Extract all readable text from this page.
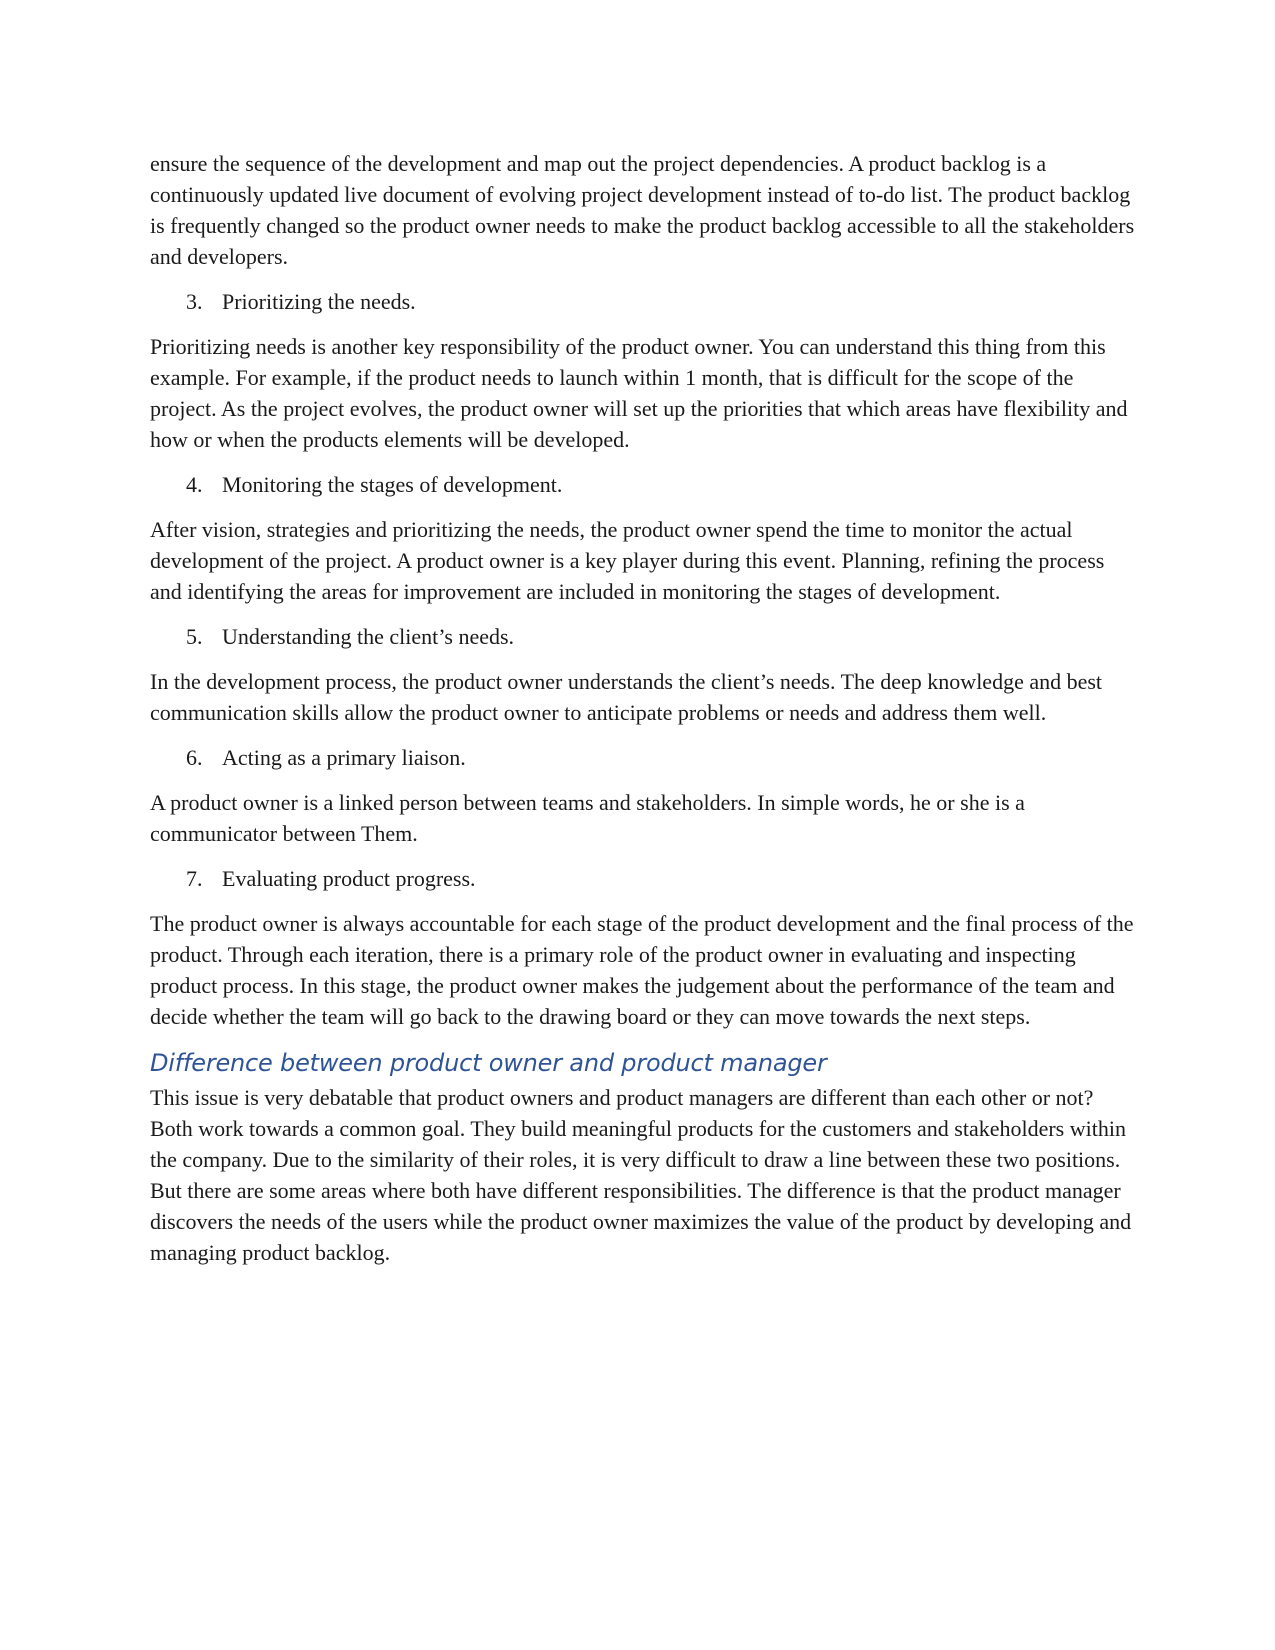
ensure the sequence of the development and map out the project dependencies. A product backlog is a continuously updated live document of evolving project development instead of to-do list. The product backlog is frequently changed so the product owner needs to make the product backlog accessible to all the stakeholders and developers.

3. Prioritizing the needs.

Prioritizing needs is another key responsibility of the product owner. You can understand this thing from this example. For example, if the product needs to launch within 1 month, that is difficult for the scope of the project. As the project evolves, the product owner will set up the priorities that which areas have flexibility and how or when the products elements will be developed.

4. Monitoring the stages of development.

After vision, strategies and prioritizing the needs, the product owner spend the time to monitor the actual development of the project. A product owner is a key player during this event. Planning, refining the process and identifying the areas for improvement are included in monitoring the stages of development.

5. Understanding the client’s needs.

In the development process, the product owner understands the client’s needs. The deep knowledge and best communication skills allow the product owner to anticipate problems or needs and address them well.

6. Acting as a primary liaison.

A product owner is a linked person between teams and stakeholders. In simple words, he or she is a communicator between Them.

7. Evaluating product progress.

The product owner is always accountable for each stage of the product development and the final process of the product. Through each iteration, there is a primary role of the product owner in evaluating and inspecting product process. In this stage, the product owner makes the judgement about the performance of the team and decide whether the team will go back to the drawing board or they can move towards the next steps.

Difference between product owner and product manager

This issue is very debatable that product owners and product managers are different than each other or not? Both work towards a common goal. They build meaningful products for the customers and stakeholders within the company. Due to the similarity of their roles, it is very difficult to draw a line between these two positions. But there are some areas where both have different responsibilities. The difference is that the product manager discovers the needs of the users while the product owner maximizes the value of the product by developing and managing product backlog.
